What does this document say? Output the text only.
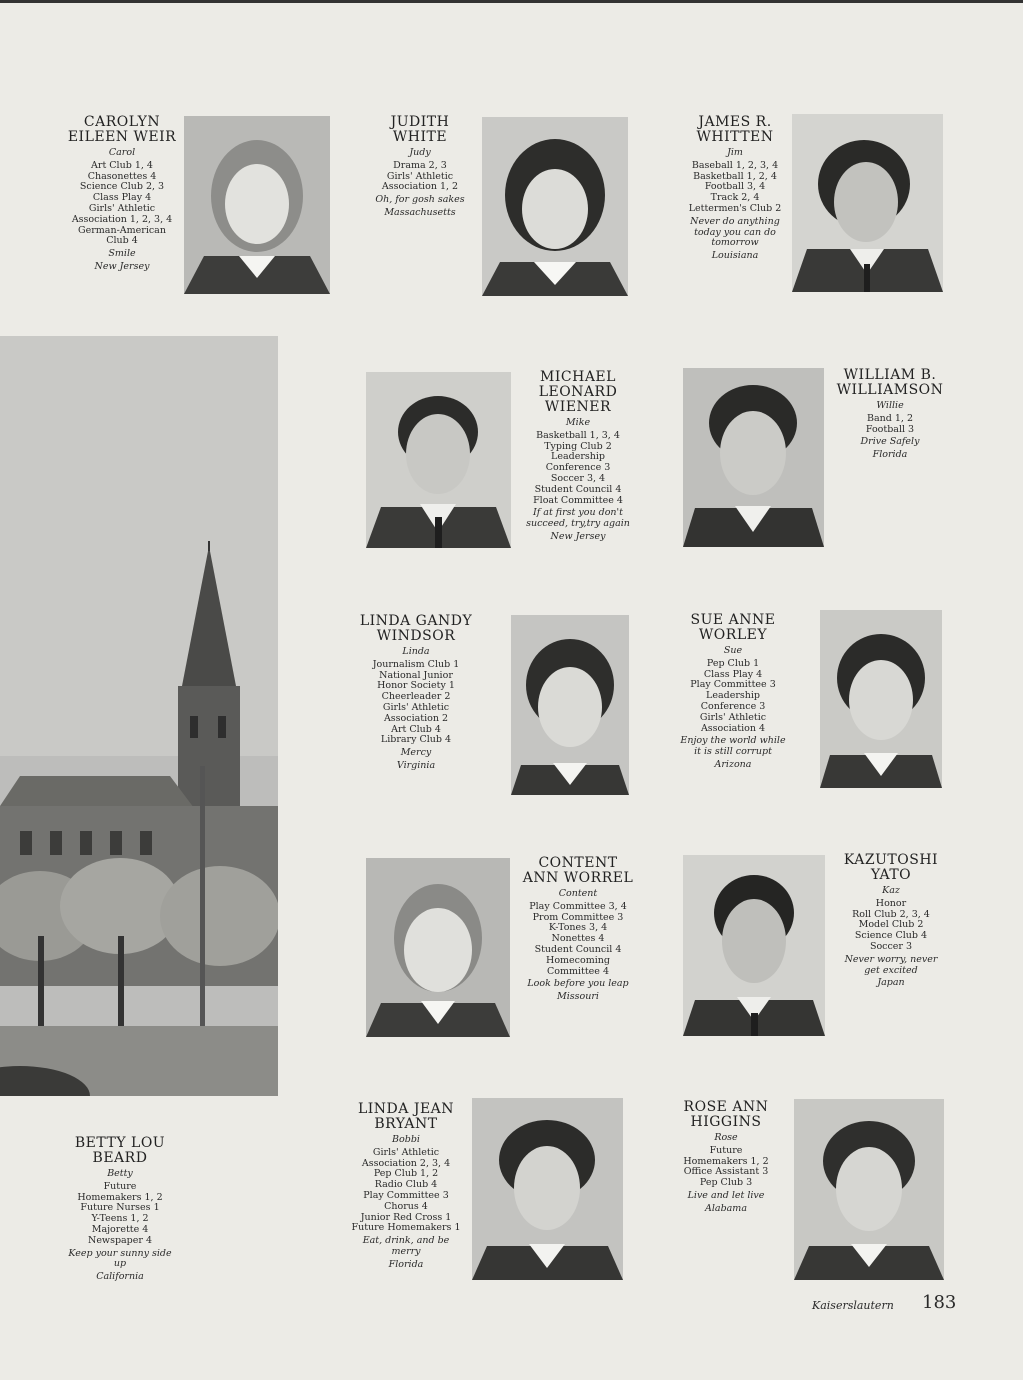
CAROLYN
EILEEN WEIR
Carol
Art Club 1, 4
Chasonettes 4
Science Club 2, 3
Class Play 4
Girls' Athletic
Association 1, 2, 3, 4
German-American
Club 4
Smile
New Jersey
JUDITH
WHITE
Judy
Drama 2, 3
Girls' Athletic
Association 1, 2
Oh, for gosh sakes
Massachusetts
JAMES R.
WHITTEN
Jim
Baseball 1, 2, 3, 4
Basketball 1, 2, 4
Football 3, 4
Track 2, 4
Lettermen's Club 2
Never do anything
today you can do
tomorrow
Louisiana
MICHAEL
LEONARD
WIENER
Mike
Basketball 1, 3, 4
Typing Club 2
Leadership
Conference 3
Soccer 3, 4
Student Council 4
Float Committee 4
If at first you don't
succeed, try,try again
New Jersey
WILLIAM B.
WILLIAMSON
Willie
Band 1, 2
Football 3
Drive Safely
Florida
LINDA GANDY
WINDSOR
Linda
Journalism Club 1
National Junior
Honor Society 1
Cheerleader 2
Girls' Athletic
Association 2
Art Club 4
Library Club 4
Mercy
Virginia
SUE ANNE
WORLEY
Sue
Pep Club 1
Class Play 4
Play Committee 3
Leadership
Conference 3
Girls' Athletic
Association 4
Enjoy the world while
it is still corrupt
Arizona
CONTENT
ANN WORREL
Content
Play Committee 3, 4
Prom Committee 3
K-Tones 3, 4
Nonettes 4
Student Council 4
Homecoming
Committee 4
Look before you leap
Missouri
KAZUTOSHI
YATO
Kaz
Honor
Roll Club 2, 3, 4
Model Club 2
Science Club 4
Soccer 3
Never worry, never
get excited
Japan
BETTY LOU
BEARD
Betty
Future
Homemakers 1, 2
Future Nurses 1
Y-Teens 1, 2
Majorette 4
Newspaper 4
Keep your sunny side
up
California
LINDA JEAN
BRYANT
Bobbi
Girls' Athletic
Association 2, 3, 4
Pep Club 1, 2
Radio Club 4
Play Committee 3
Chorus 4
Junior Red Cross 1
Future Homemakers 1
Eat, drink, and be
merry
Florida
ROSE ANN
HIGGINS
Rose
Future
Homemakers 1, 2
Office Assistant 3
Pep Club 3
Live and let live
Alabama
Kaiserslautern 183
